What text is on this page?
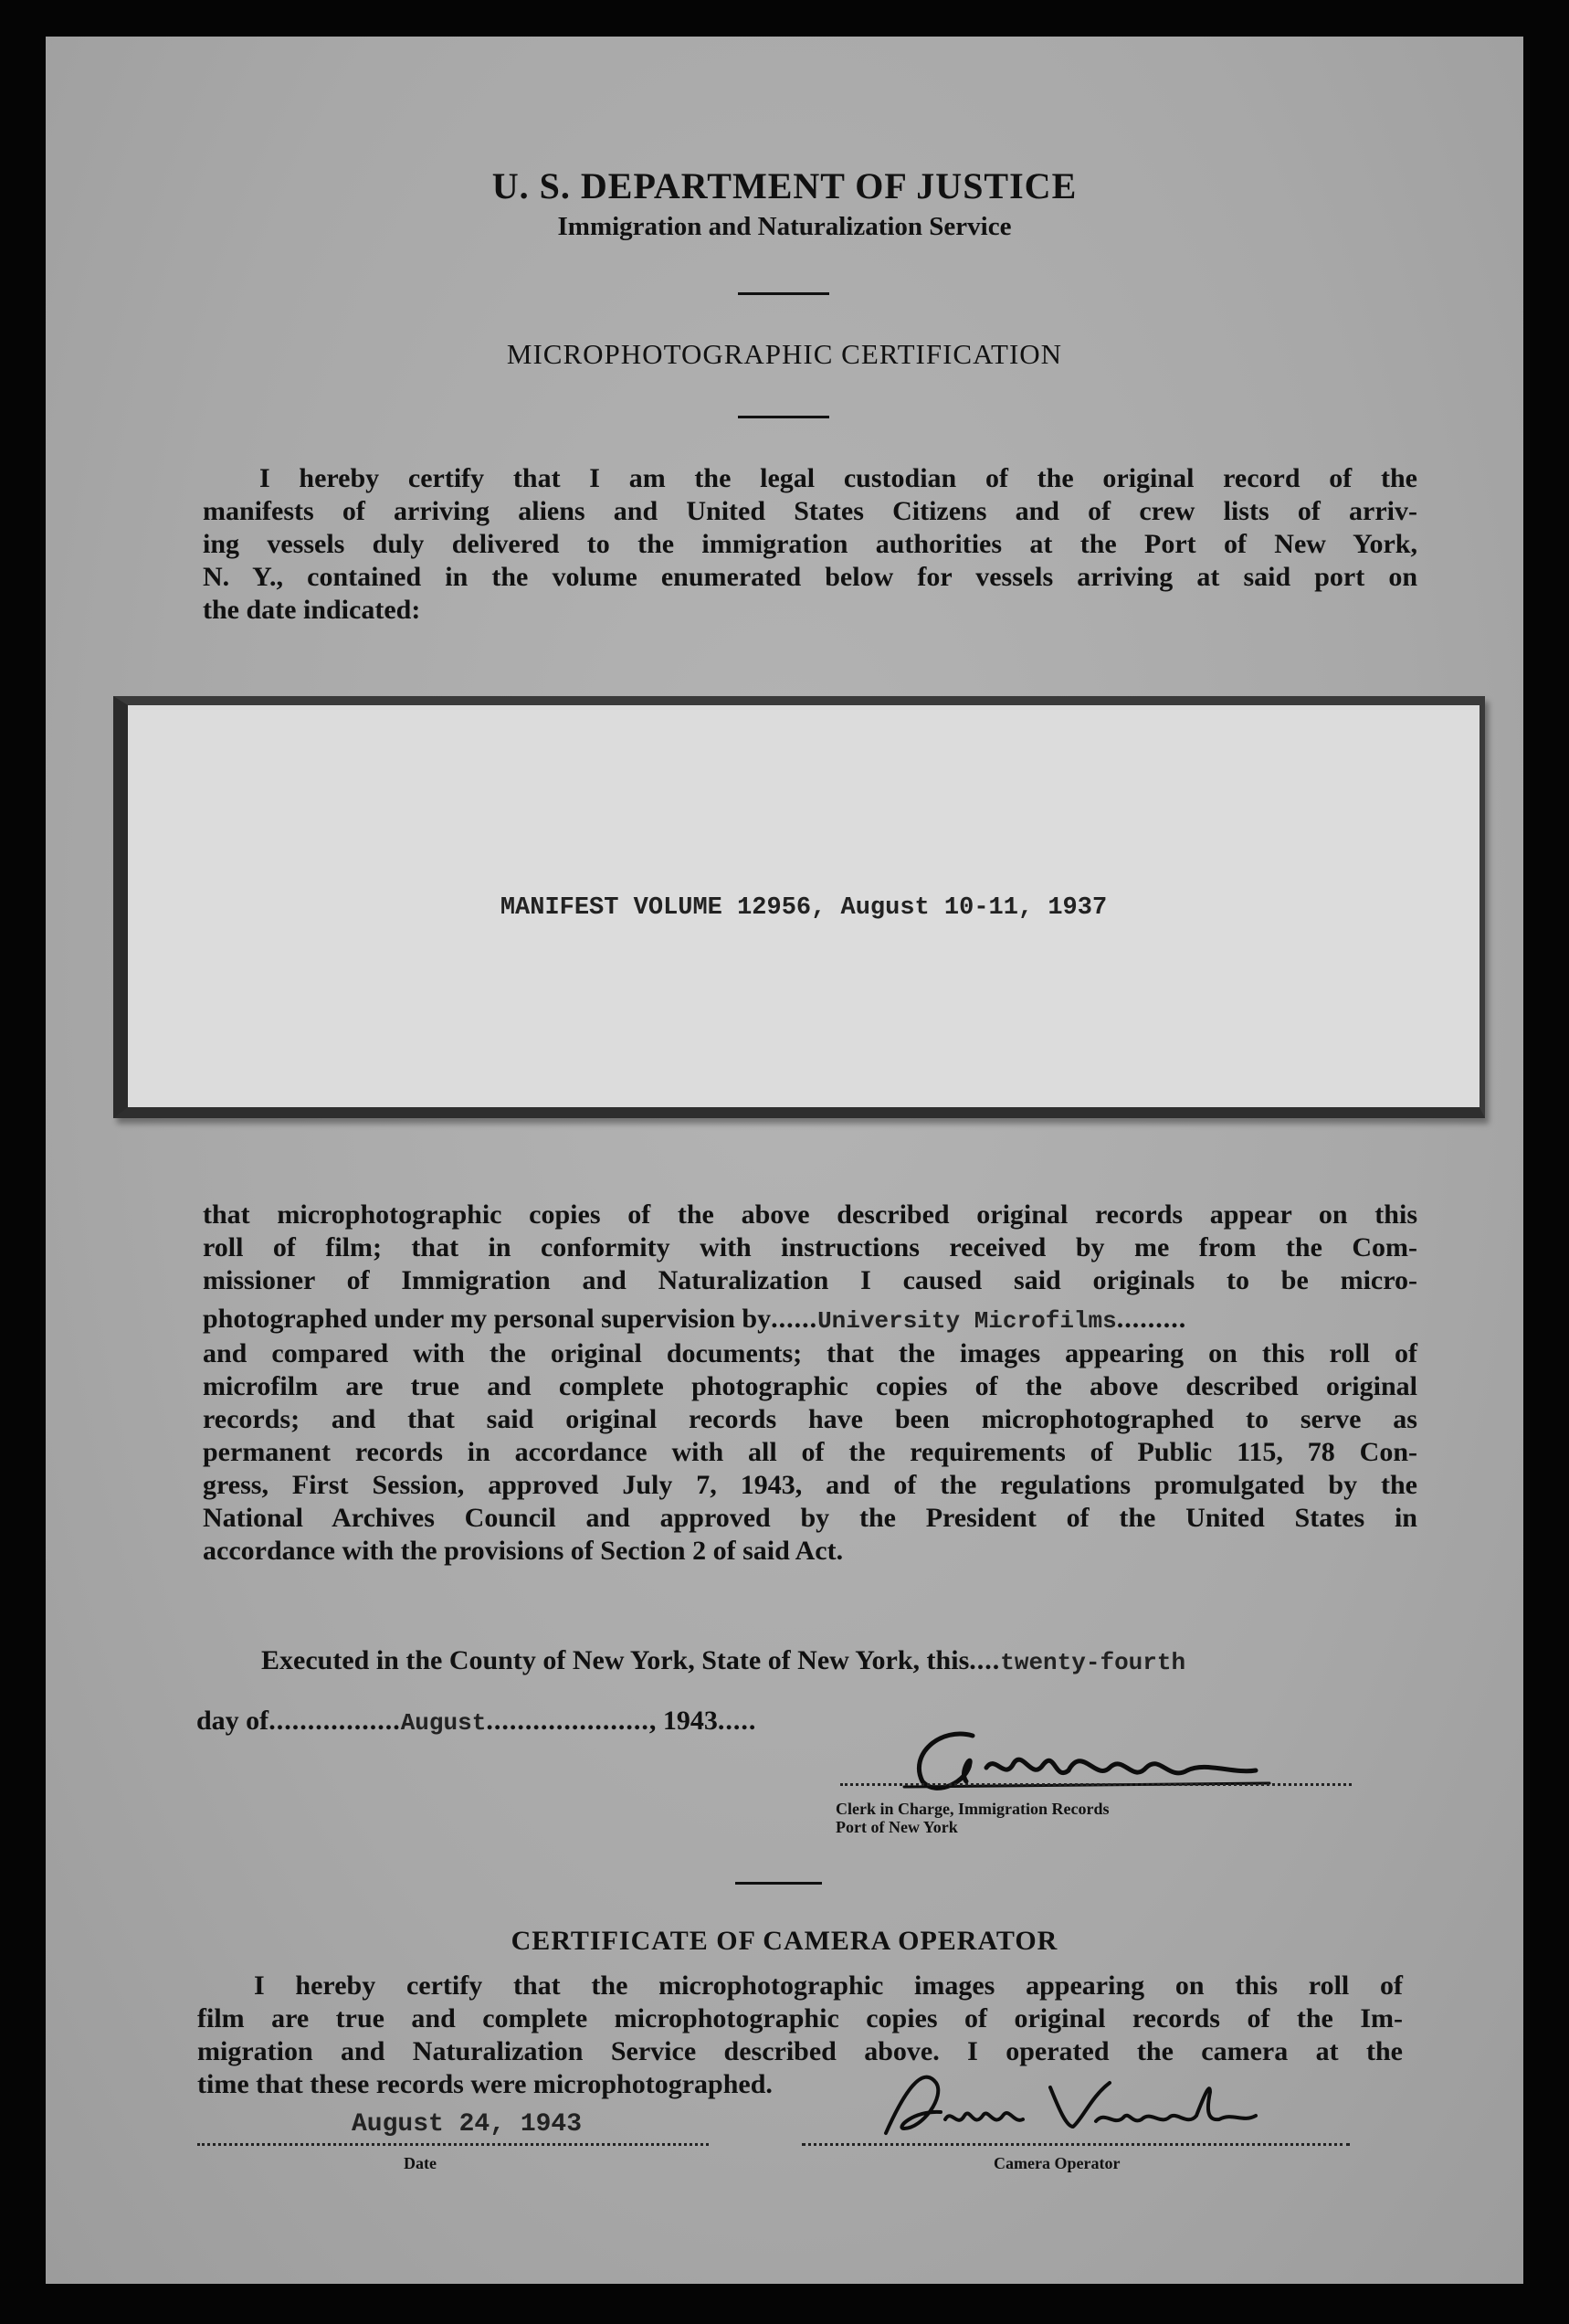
U. S. DEPARTMENT OF JUSTICE
Immigration and Naturalization Service
MICROPHOTOGRAPHIC CERTIFICATION
I hereby certify that I am the legal custodian of the original record of the
manifests of arriving aliens and United States Citizens and of crew lists of arriv-
ing vessels duly delivered to the immigration authorities at the Port of New York,
N. Y., contained in the volume enumerated below for vessels arriving at said port on
the date indicated:
MANIFEST VOLUME 12956, August 10-11, 1937
that microphotographic copies of the above described original records appear on this
roll of film; that in conformity with instructions received by me from the Com-
missioner of Immigration and Naturalization I caused said originals to be micro-
photographed under my personal supervision by......University Microfilms.........
and compared with the original documents; that the images appearing on this roll of
microfilm are true and complete photographic copies of the above described original
records; and that said original records have been microphotographed to serve as
permanent records in accordance with all of the requirements of Public 115, 78 Con-
gress, First Session, approved July 7, 1943, and of the regulations promulgated by the
National Archives Council and approved by the President of the United States in
accordance with the provisions of Section 2 of said Act.
Executed in the County of New York, State of New York, this....twenty-fourth
day of.................August....................., 1943.....
Clerk in Charge, Immigration Records
Port of New York
CERTIFICATE OF CAMERA OPERATOR
I hereby certify that the microphotographic images appearing on this roll of
film are true and complete microphotographic copies of original records of the Im-
migration and Naturalization Service described above. I operated the camera at the
time that these records were microphotographed.
August 24, 1943
Date	Camera Operator
